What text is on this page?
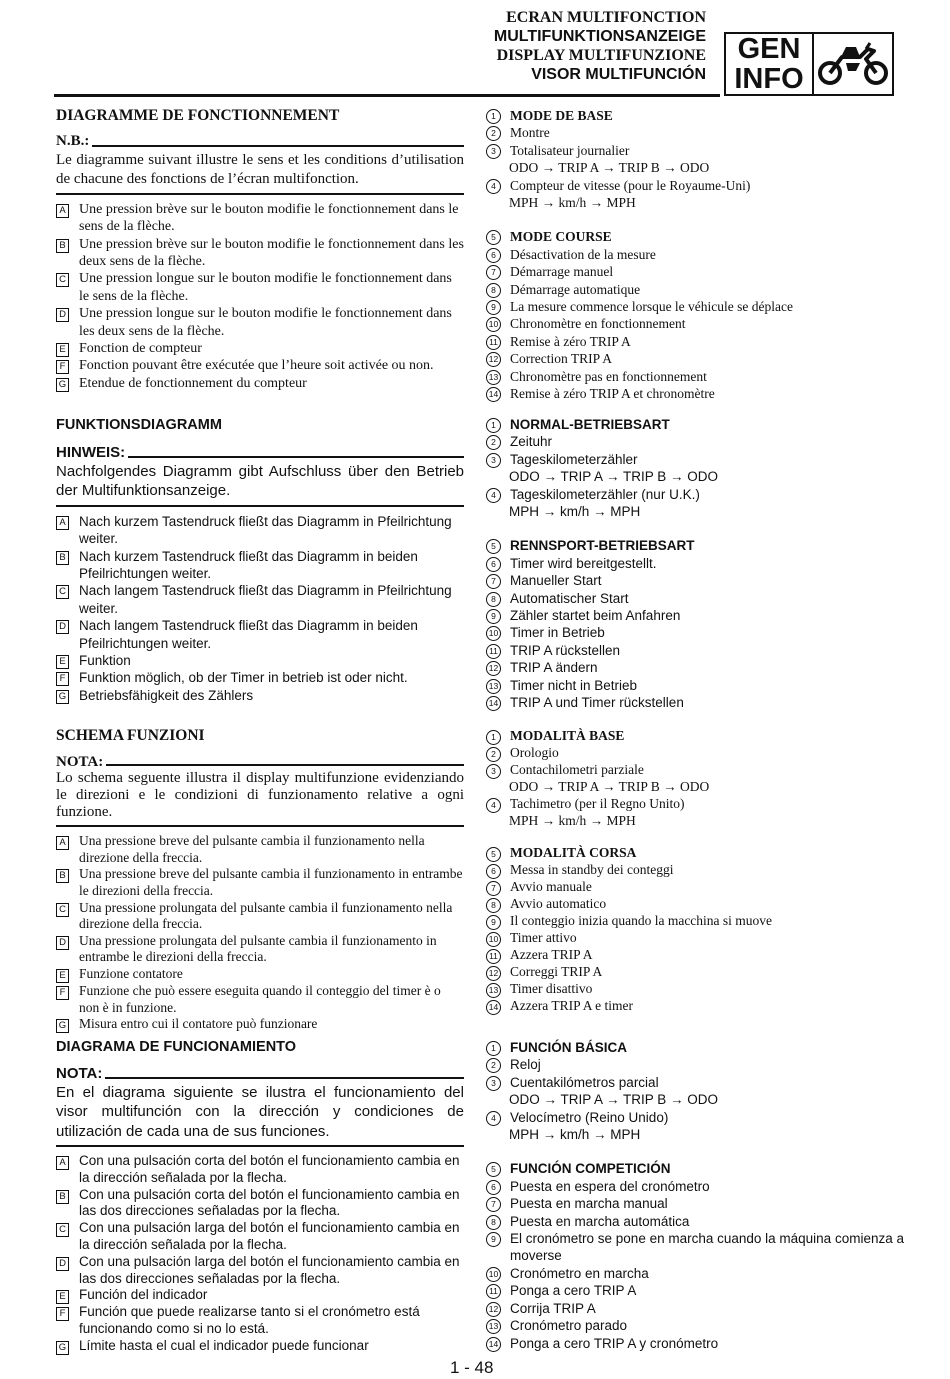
ECRAN MULTIFONCTION
MULTIFUNKTIONSANZEIGE
DISPLAY MULTIFUNZIONE
VISOR MULTIFUNCIÓN
GEN
INFO
DIAGRAMME DE FONCTIONNEMENT
N.B.:
Le diagramme suivant illustre le sens et les conditions d’utilisation de chacune des fonctions de l’écran multifonction.
A Une pression brève sur le bouton modifie le fonctionnement dans le sens de la flèche.
B Une pression brève sur le bouton modifie le fonctionnement dans les deux sens de la flèche.
C Une pression longue sur le bouton modifie le fonctionnement dans le sens de la flèche.
D Une pression longue sur le bouton modifie le fonctionnement dans les deux sens de la flèche.
E Fonction de compteur
F Fonction pouvant être exécutée que l’heure soit activée ou non.
G Etendue de fonctionnement du compteur
FUNKTIONSDIAGRAMM
HINWEIS:
Nachfolgendes Diagramm gibt Aufschluss über den Betrieb der Multifunktionsanzeige.
A Nach kurzem Tastendruck fließt das Diagramm in Pfeilrichtung weiter.
B Nach kurzem Tastendruck fließt das Diagramm in beiden Pfeilrichtungen weiter.
C Nach langem Tastendruck fließt das Diagramm in Pfeilrichtung weiter.
D Nach langem Tastendruck fließt das Diagramm in beiden Pfeilrichtungen weiter.
E Funktion
F Funktion möglich, ob der Timer in betrieb ist oder nicht.
G Betriebsfähigkeit des Zählers
SCHEMA FUNZIONI
NOTA:
Lo schema seguente illustra il display multifunzione evidenziando le direzioni e le condizioni di funzionamento relative a ogni funzione.
A Una pressione breve del pulsante cambia il funzionamento nella direzione della freccia.
B Una pressione breve del pulsante cambia il funzionamento in entrambe le direzioni della freccia.
C Una pressione prolungata del pulsante cambia il funzionamento nella direzione della freccia.
D Una pressione prolungata del pulsante cambia il funzionamento in entrambe le direzioni della freccia.
E Funzione contatore
F Funzione che può essere eseguita quando il conteggio del timer è o non è in funzione.
G Misura entro cui il contatore può funzionare
DIAGRAMA DE FUNCIONAMIENTO
NOTA:
En el diagrama siguiente se ilustra el funcionamiento del visor multifunción con la dirección y condiciones de utilización de cada una de sus funciones.
A Con una pulsación corta del botón el funcionamiento cambia en la dirección señalada por la flecha.
B Con una pulsación corta del botón el funcionamiento cambia en las dos direcciones señaladas por la flecha.
C Con una pulsación larga del botón el funcionamiento cambia en la dirección señalada por la flecha.
D Con una pulsación larga del botón el funcionamiento cambia en las dos direcciones señaladas por la flecha.
E Función del indicador
F Función que puede realizarse tanto si el cronómetro está funcionando como si no lo está.
G Límite hasta el cual el indicador puede funcionar
1	MODE DE BASE
2	Montre
3	Totalisateur journalier
ODO → TRIP A → TRIP B → ODO
4	Compteur de vitesse (pour le Royaume-Uni)
MPH → km/h → MPH
5	MODE COURSE
6	Désactivation de la mesure
7	Démarrage manuel
8	Démarrage automatique
9	La mesure commence lorsque le véhicule se déplace
10 Chronomètre en fonctionnement
11 Remise à zéro TRIP A
12 Correction TRIP A
13 Chronomètre pas en fonctionnement
14 Remise à zéro TRIP A et chronomètre
1	NORMAL-BETRIEBSART
2	Zeituhr
3	Tageskilometerzähler
ODO → TRIP A → TRIP B → ODO
4	Tageskilometerzähler (nur U.K.)
MPH → km/h → MPH
5	RENNSPORT-BETRIEBSART
6	Timer wird bereitgestellt.
7	Manueller Start
8	Automatischer Start
9	Zähler startet beim Anfahren
10 Timer in Betrieb
11 TRIP A rückstellen
12 TRIP A ändern
13 Timer nicht in Betrieb
14 TRIP A und Timer rückstellen
1	MODALITÀ BASE
2	Orologio
3	Contachilometri parziale
ODO → TRIP A → TRIP B → ODO
4	Tachimetro (per il Regno Unito)
MPH → km/h → MPH
5	MODALITÀ CORSA
6	Messa in standby dei conteggi
7	Avvio manuale
8	Avvio automatico
9	Il conteggio inizia quando la macchina si muove
10 Timer attivo
11 Azzera TRIP A
12 Correggi TRIP A
13 Timer disattivo
14 Azzera TRIP A e timer
1	FUNCIÓN BÁSICA
2	Reloj
3	Cuentakilómetros parcial
ODO → TRIP A → TRIP B → ODO
4	Velocímetro (Reino Unido)
MPH → km/h → MPH
5	FUNCIÓN COMPETICIÓN
6	Puesta en espera del cronómetro
7	Puesta en marcha manual
8	Puesta en marcha automática
9	El cronómetro se pone en marcha cuando la máquina comienza a moverse
10 Cronómetro en marcha
11 Ponga a cero TRIP A
12 Corrija TRIP A
13 Cronómetro parado
14 Ponga a cero TRIP A y cronómetro
1 - 48
